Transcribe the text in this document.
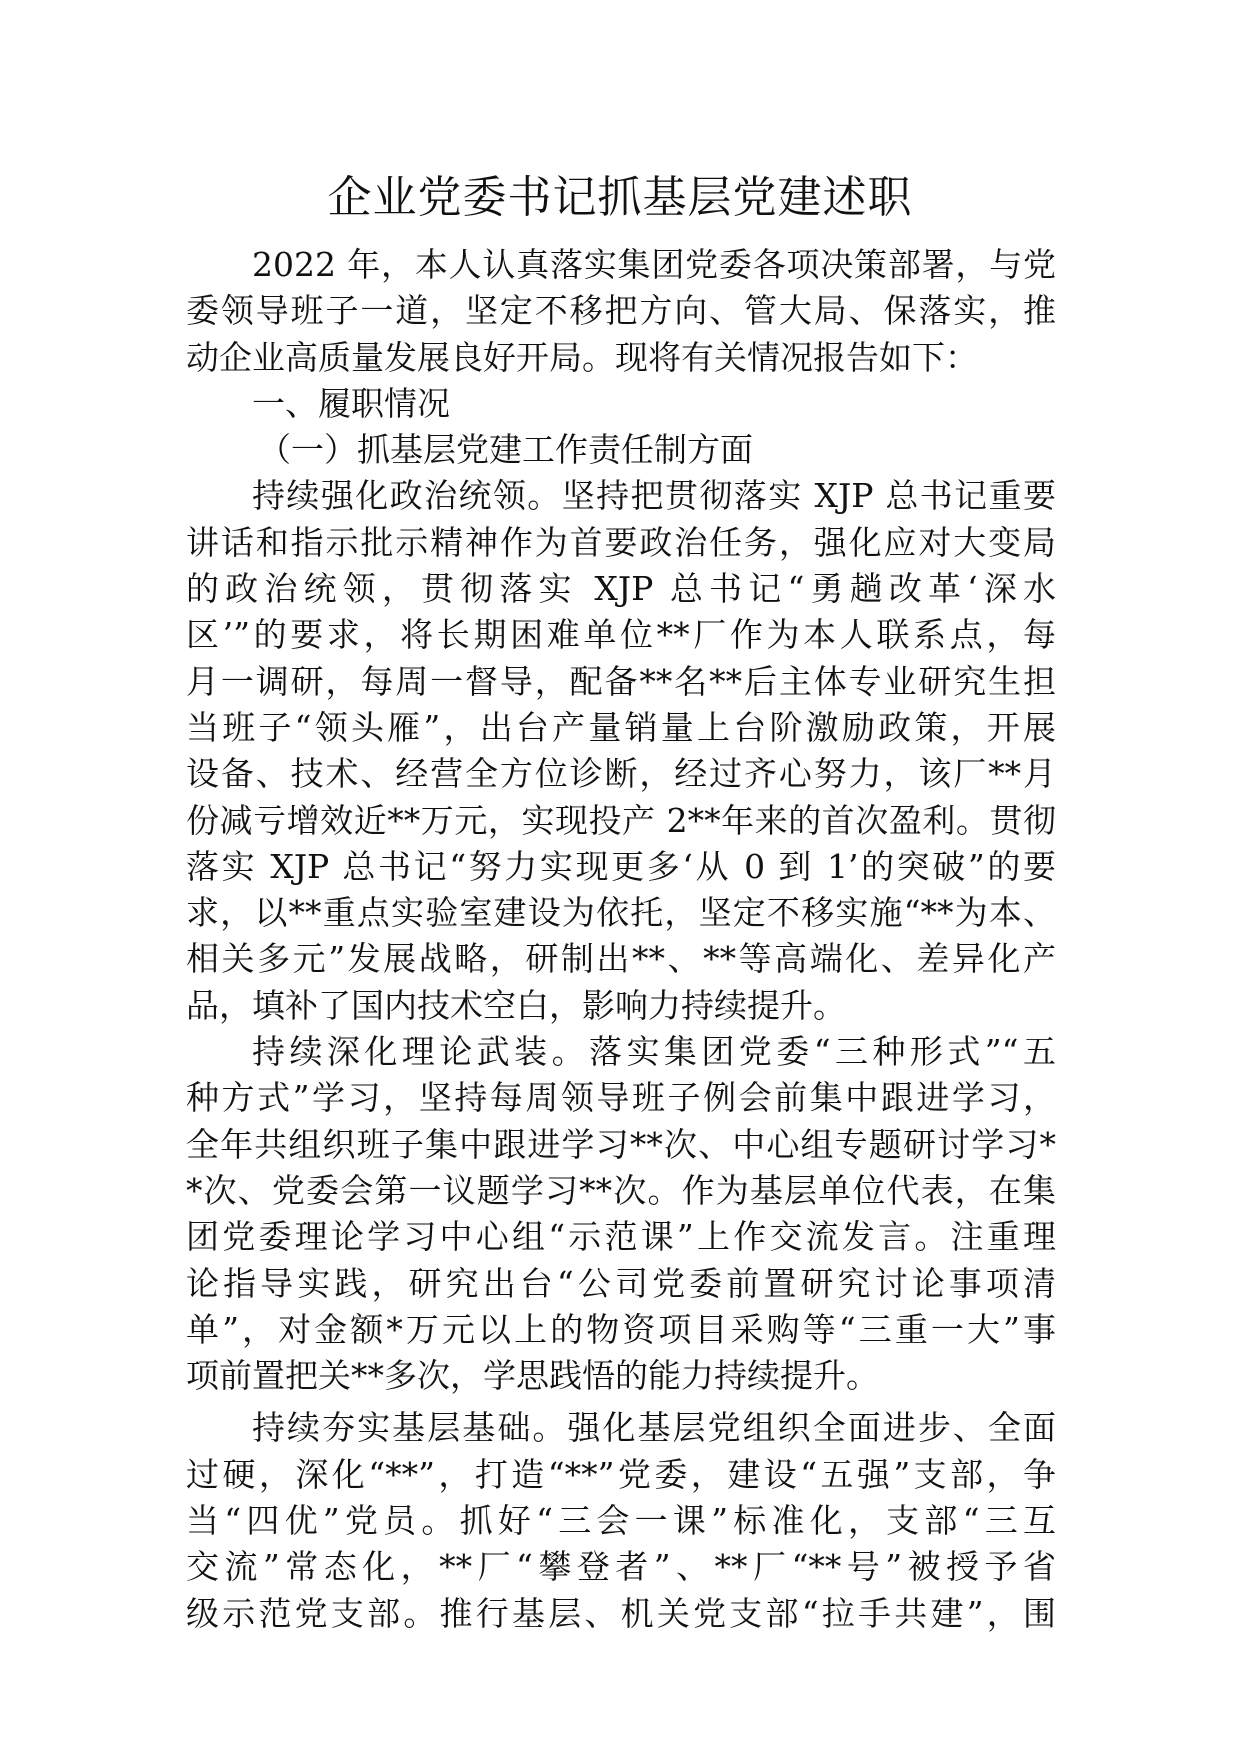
企业党委书记抓基层党建述职
2022 年，本人认真落实集团党委各项决策部署，与党
委领导班子一道，坚定不移把方向、管大局、保落实，推
动企业高质量发展良好开局。现将有关情况报告如下：
一、履职情况
（一）抓基层党建工作责任制方面
持续强化政治统领。坚持把贯彻落实 XJP 总书记重要
讲话和指示批示精神作为首要政治任务，强化应对大变局
的政治统领，贯彻落实 XJP 总书记“勇趟改革‘深水
区’”的要求，将长期困难单位**厂作为本人联系点，每
月一调研，每周一督导，配备**名**后主体专业研究生担
当班子“领头雁”，出台产量销量上台阶激励政策，开展
设备、技术、经营全方位诊断，经过齐心努力，该厂**月
份减亏增效近**万元，实现投产 2**年来的首次盈利。贯彻
落实 XJP 总书记“努力实现更多‘从 0 到 1’的突破”的要
求，以**重点实验室建设为依托，坚定不移实施“**为本、
相关多元”发展战略，研制出**、**等高端化、差异化产
品，填补了国内技术空白，影响力持续提升。
持续深化理论武装。落实集团党委“三种形式”“五
种方式”学习，坚持每周领导班子例会前集中跟进学习，
全年共组织班子集中跟进学习**次、中心组专题研讨学习*
*次、党委会第一议题学习**次。作为基层单位代表，在集
团党委理论学习中心组“示范课”上作交流发言。注重理
论指导实践，研究出台“公司党委前置研究讨论事项清
单”，对金额*万元以上的物资项目采购等“三重一大”事
项前置把关**多次，学思践悟的能力持续提升。
持续夯实基层基础。强化基层党组织全面进步、全面
过硬，深化“**”，打造“**”党委，建设“五强”支部，争
当“四优”党员。抓好“三会一课”标准化，支部“三互
交流”常态化，**厂“攀登者”、**厂“**号”被授予省
级示范党支部。推行基层、机关党支部“拉手共建”，围
